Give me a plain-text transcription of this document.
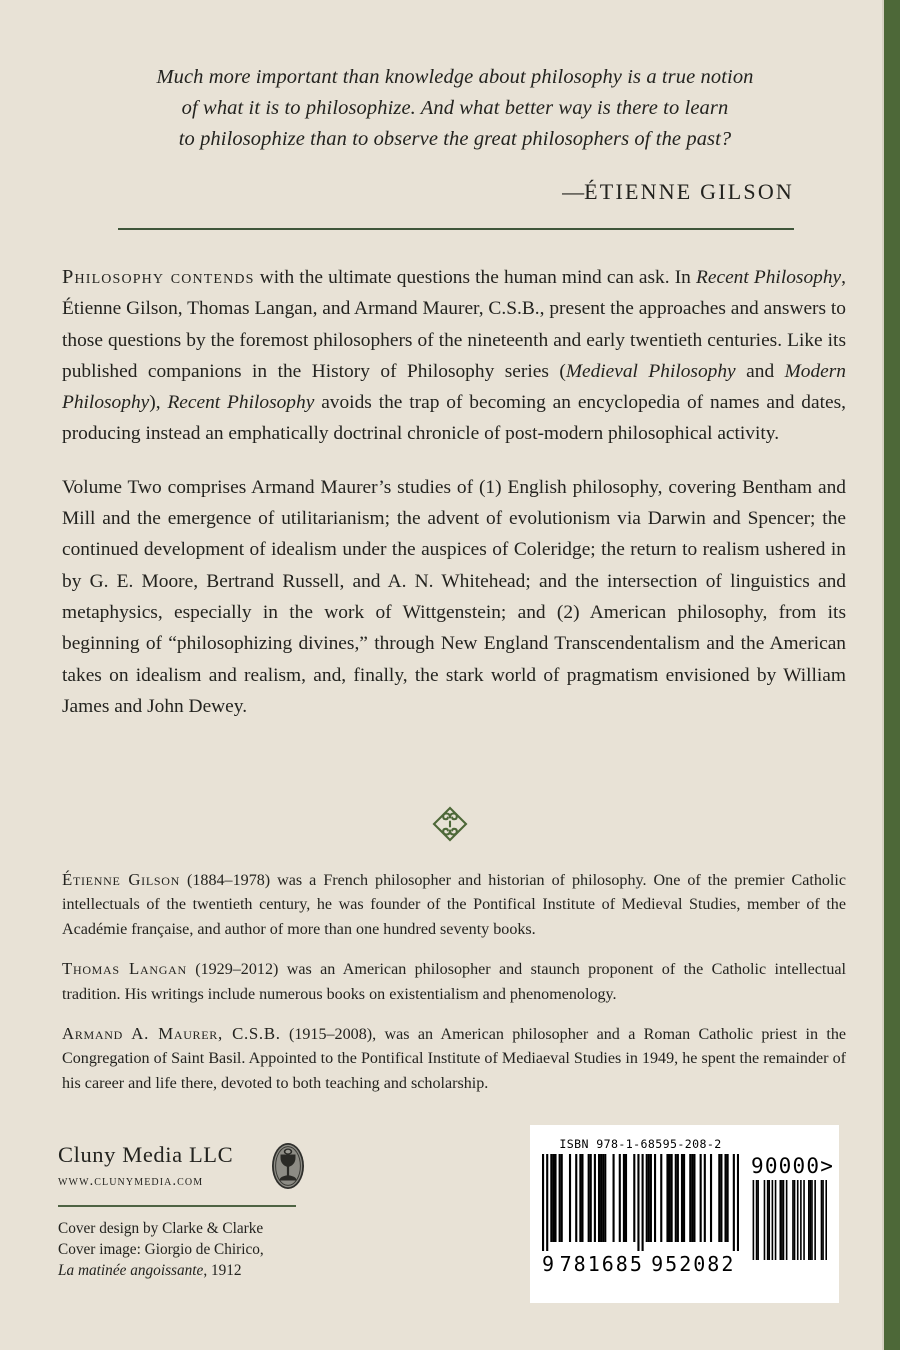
Much more important than knowledge about philosophy is a true notion
of what it is to philosophize. And what better way is there to learn
to philosophize than to observe the great philosophers of the past?
—ÉTIENNE GILSON

Philosophy contends with the ultimate questions the human mind can ask. In Recent Philosophy, Étienne Gilson, Thomas Langan, and Armand Maurer, C.S.B., present the approaches and answers to those questions by the foremost philosophers of the nineteenth and early twentieth centuries. Like its published companions in the History of Philosophy series (Medieval Philosophy and Modern Philosophy), Recent Philosophy avoids the trap of becoming an encyclopedia of names and dates, producing instead an emphatically doctrinal chronicle of post-modern philosophical activity.

Volume Two comprises Armand Maurer’s studies of (1) English philosophy, covering Bentham and Mill and the emergence of utilitarianism; the advent of evolutionism via Darwin and Spencer; the continued development of idealism under the auspices of Coleridge; the return to realism ushered in by G. E. Moore, Bertrand Russell, and A. N. Whitehead; and the intersection of linguistics and metaphysics, especially in the work of Wittgenstein; and (2) American philosophy, from its beginning of “philosophizing divines,” through New England Transcendentalism and the American takes on idealism and realism, and, finally, the stark world of pragmatism envisioned by William James and John Dewey.

Étienne Gilson (1884–1978) was a French philosopher and historian of philosophy. One of the premier Catholic intellectuals of the twentieth century, he was founder of the Pontifical Institute of Medieval Studies, member of the Académie française, and author of more than one hundred seventy books.

Thomas Langan (1929–2012) was an American philosopher and staunch proponent of the Catholic intellectual tradition. His writings include numerous books on existentialism and phenomenology.

Armand A. Maurer, C.S.B. (1915–2008), was an American philosopher and a Roman Catholic priest in the Congregation of Saint Basil. Appointed to the Pontifical Institute of Mediaeval Studies in 1949, he spent the remainder of his career and life there, devoted to both teaching and scholarship.

Cluny Media LLC
www.clunymedia.com
Cover design by Clarke & Clarke
Cover image: Giorgio de Chirico,
La matinée angoissante, 1912
ISBN 978-1-68595-208-2
9 781685 952082
90000>
